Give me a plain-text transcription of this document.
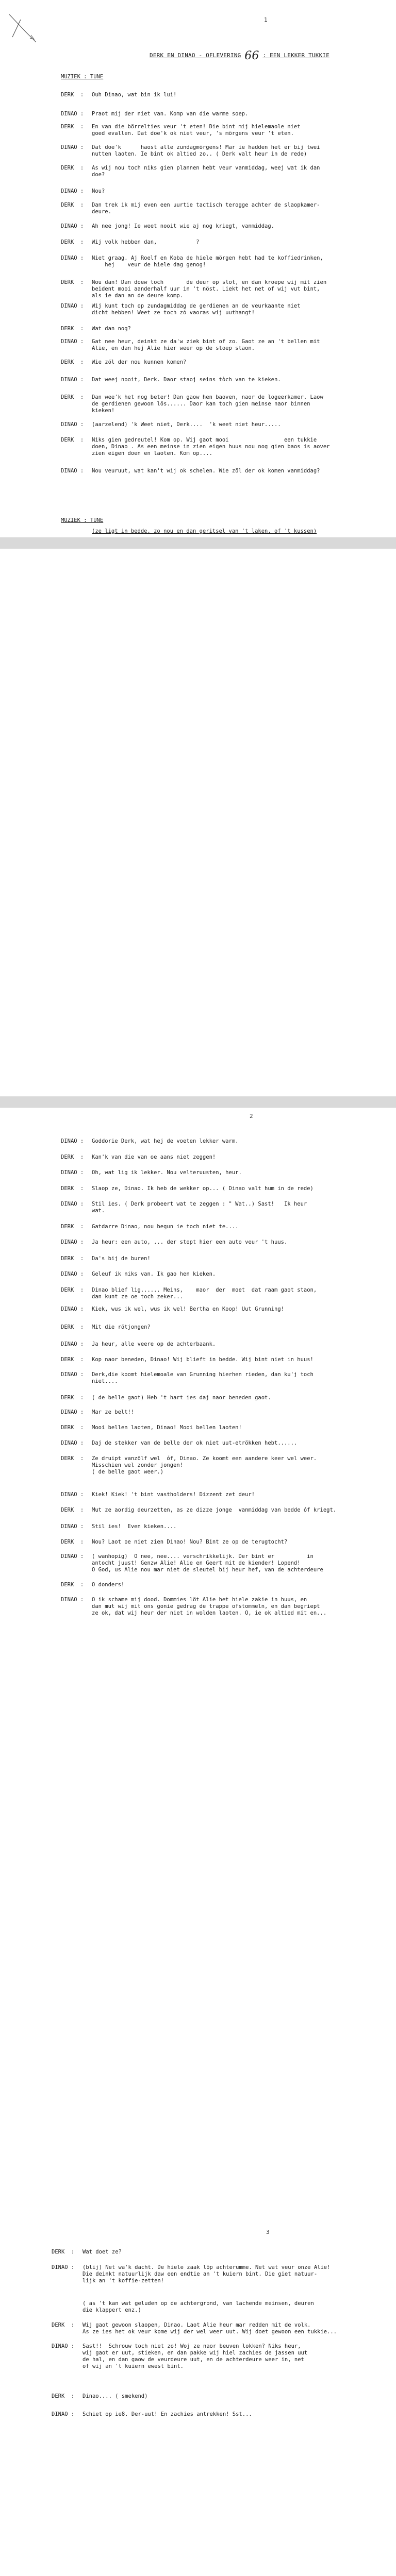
1
DERK EN DINAO - OFLEVERING 66 : EEN LEKKER TUKKIE
MUZIEK : TUNE
DERK  : Ouh Dinao, wat bin ik lui!
DINAO : Praot mij der niet van. Komp van die warme soep.
DERK  : En van die börrelties veur 't eten! Die bint mij hielemaole niet
goed evallen. Dat doe'k ok niet veur, 's mörgens veur 't eten.
DINAO : Dat doe'k      haost alle zundagmörgens! Mar ie hadden het er bij twei
nutten laoten. Ie bint ok altied zo.. ( Derk valt heur in de rede)
DERK  : As wij nou toch niks gien plannen hebt veur vanmiddag, weej wat ik dan
doe?
DINAO : Nou?
DERK  : Dan trek ik mij even een uurtie tactisch terogge achter de slaopkamer-
deure.
DINAO : Ah nee jong! Ie weet nooit wie aj nog kriegt, vanmiddag.
DERK  : Wij volk hebben dan,            ?
DINAO : Niet graag. Aj Roelf en Koba de hiele mörgen hebt had te koffiedrinken,
hej    veur de hiele dag genog!
DERK  : Nou dan! Dan doew toch       de deur op slot, en dan kroepe wij mit zien
beident mooi aanderhalf uur in 't nöst. Liekt het net of wij vut bint,
als ie dan an de deure komp.
DINAO : Wij kunt toch op zundagmiddag de gerdienen an de veurkaante niet
dicht hebben! Weet ze toch zó vaoras wij uuthangt!
DERK  : Wat dan nog?
DINAO : Gat nee heur, deinkt ze da'w ziek bint of zo. Gaot ze an 't bellen mit
Alie, en dan hej Alie hier weer op de stoep staon.
DERK  : Wie zöl der nou kunnen komen?
DINAO : Dat weej nooit, Derk. Daor staoj seins tòch van te kieken.
DERK  : Dan wee'k het nog beter! Dan gaow hen baoven, naor de logeerkamer. Laow
de gerdienen gewoon lös...... Daor kan toch gien meinse naor binnen
kieken!
DINAO : (aarzelend) 'k Weet niet, Derk....  'k weet niet heur.....
DERK  : Niks gien gedreutel! Kom op. Wij gaot mooi                 een tukkie
doen, Dinao . As een meinse in zien eigen huus nou nog gien baos is aover
zien eigen doen en laoten. Kom op....
DINAO : Nou veuruut, wat kan't wij ok schelen. Wie zöl der ok komen vanmiddag?
MUZIEK : TUNE
(ze ligt in bedde, zo nou en dan geritsel van 't laken, of 't kussen)
2
DINAO : Goddorie Derk, wat hej de voeten lekker warm.
DERK  : Kan'k van die van oe aans niet zeggen!
DINAO : Oh, wat lig ik lekker. Nou velteruusten, heur.
DERK  : Slaop ze, Dinao. Ik heb de wekker op... ( Dinao valt hum in de rede)
DINAO : Stil ies. ( Derk probeert wat te zeggen : " Wat..) Sast!   Ik heur
wat.
DERK  : Gatdarre Dinao, nou begun ie toch niet te....
DINAO : Ja heur: een auto, ... der stopt hier een auto veur 't huus.
DERK  : Da's bij de buren!
DINAO : Geleuf ik niks van. Ik gao hen kieken.
DERK  : Dinao blief lig...... Meins,    maor  der  moet  dat raam gaot staon,
dan kunt ze oe toch zeker...
DINAO : Kiek, wus ik wel, wus ik wel! Bertha en Koop! Uut Grunning!
DERK  : Mit die rötjongen?
DINAO : Ja heur, alle veere op de achterbaank.
DERK  : Kop naor beneden, Dinao! Wij blieft in bedde. Wij bint niet in huus!
DINAO : Derk,die koomt hielemoale van Grunning hierhen rieden, dan ku'j toch
niet....
DERK  : ( de belle gaot) Heb 't hart ies daj naor beneden gaot.
DINAO : Mar ze belt!!
DERK  : Mooi bellen laoten, Dinao! Mooi bellen laoten!
DINAO : Daj de stekker van de belle der ok niet uut-etrökken hebt......
DERK  : Ze druipt vanzölf wel  óf, Dinao. Ze koomt een aandere keer wel weer.
Misschien wel zonder jongen!
( de belle gaot weer.)
DINAO : Kiek! Kiek! 't bint vastholders! Dizzent zet deur!
DERK  : Mut ze aordig deurzetten, as ze dizze jonge  vanmiddag van bedde óf kriegt.
DINAO : Stil ies!  Even kieken....
DERK  : Nou? Laot oe niet zien Dinao! Nou? Bint ze op de terugtocht?
DINAO : ( wanhopig)  O nee, nee.... verschrikkelijk. Der bint er          in
antocht juust! Genzw Alie! Alie en Geert mit de kiender! Lopend!
O God, us Alie nou mar niet de sleutel bij heur hef, van de achterdeure
DERK  : O donders!
DINAO : O ik schame mij dood. Dommies löt Alie het hiele zakie in huus, en
dan mut wij mit ons gonie gedrag de trappe ofstommeln, en dan begriept
ze ok, dat wij heur der niet in wolden laoten. O, ie ok altied mit en...
3
DERK  : Wat doet ze?
DINAO : (blij) Net wa'k dacht. De hiele zaak löp achterumme. Net wat veur onze Alie!
Die deinkt natuurlijk daw een endtie an 't kuiern bint. Die giet natuur-
lijk an 't koffie-zetten!
( as 't kan wat geluden op de achtergrond, van lachende meinsen, deuren
die klappert enz.)
DERK  : Wij gaot gewoon slaopen, Dinao. Laot Alie heur mar redden mit de volk.
As ze ies het ok veur kome wij der wel weer uut. Wij doet gewoon een tukkie...
DINAO : Sast!!  Schrouw toch niet zo! Woj ze naor beuven lokken? Niks heur,
wij gaot er uut, stieken, en dan pakke wij hiel zachies de jassen uut
de hal, en dan gaow de veurdeure uut, en de achterdeure weer in, net
of wij an 't kuiern ewest bint.
DERK  : Dinao.... ( smekend)
DINAO : Schiet op ie8. Der-uut! En zachies antrekken! Sst...
